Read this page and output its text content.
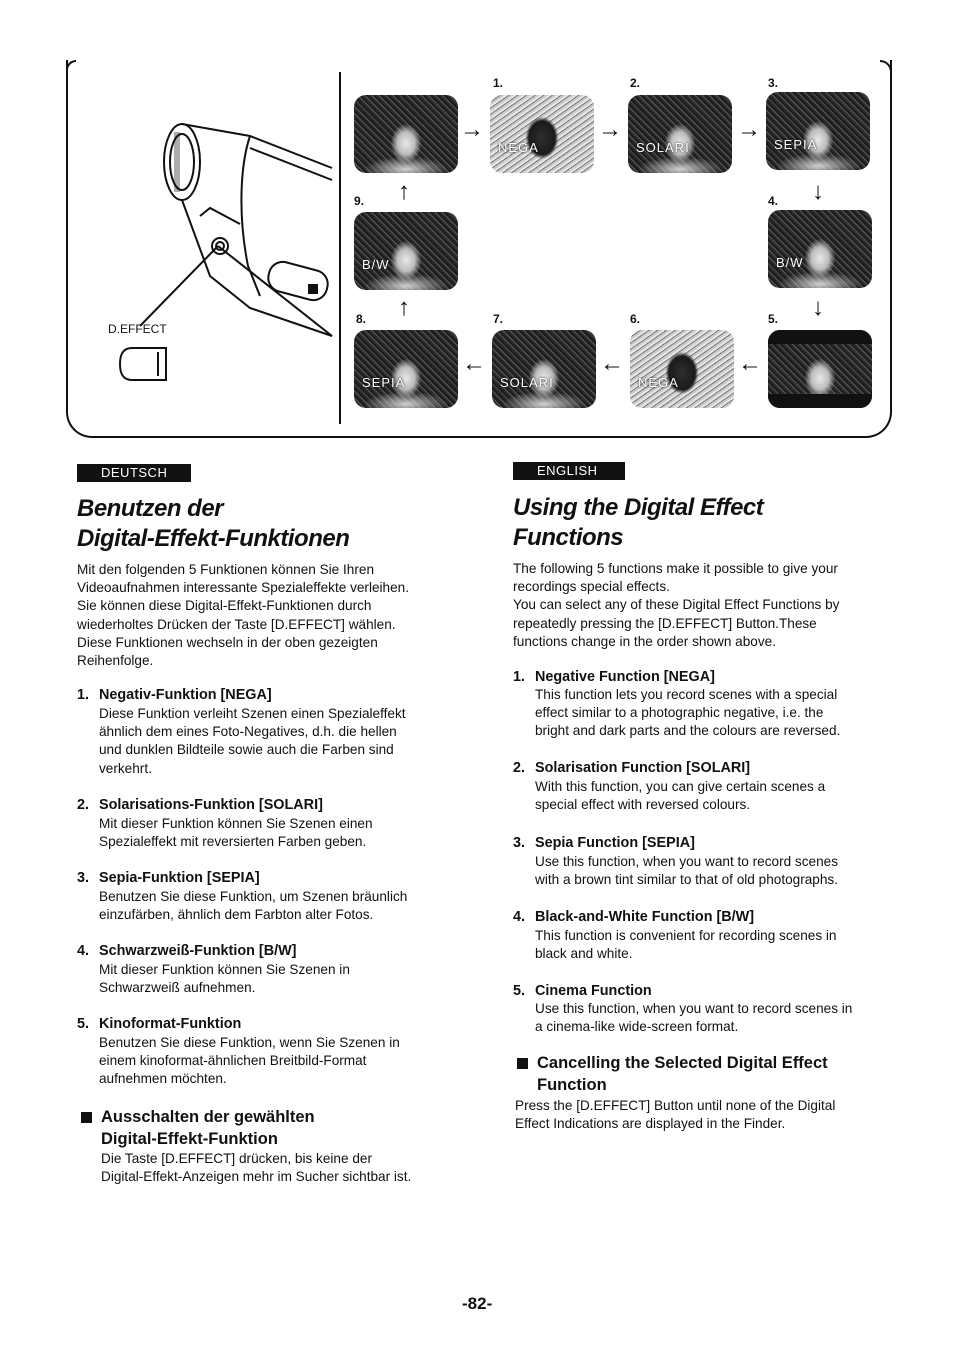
D.EFFECT
1.	2.	3.
→
NEGA
→
SOLARI
→
SEPIA
9. ↑	4. ↓
B/W	B/W
8. ↑	7.	6.	5. ↓
SEPIA
←
SOLARI
←
NEGA
←
DEUTSCH
Benutzen der
Digital-Effekt-Funktionen
Mit den folgenden 5 Funktionen können Sie Ihren
Videoaufnahmen interessante Spezialeffekte verleihen.
Sie können diese Digital-Effekt-Funktionen durch
wiederholtes Drücken der Taste [D.EFFECT] wählen.
Diese Funktionen wechseln in der oben gezeigten
Reihenfolge.
1. Negativ-Funktion [NEGA]
Diese Funktion verleiht Szenen einen Spezialeffekt
ähnlich dem eines Foto-Negatives, d.h. die hellen
und dunklen Bildteile sowie auch die Farben sind
verkehrt.
2. Solarisations-Funktion [SOLARI]
Mit dieser Funktion können Sie Szenen einen
Spezialeffekt mit reversierten Farben geben.
3. Sepia-Funktion [SEPIA]
Benutzen Sie diese Funktion, um Szenen bräunlich
einzufärben, ähnlich dem Farbton alter Fotos.
4. Schwarzweiß-Funktion [B/W]
Mit dieser Funktion können Sie Szenen in
Schwarzweiß aufnehmen.
5. Kinoformat-Funktion
Benutzen Sie diese Funktion, wenn Sie Szenen in
einem kinoformat-ähnlichen Breitbild-Format
aufnehmen möchten.
Ausschalten der gewählten
Digital-Effekt-Funktion
Die Taste [D.EFFECT] drücken, bis keine der
Digital-Effekt-Anzeigen mehr im Sucher sichtbar ist.
ENGLISH
Using the Digital Effect
Functions
The following 5 functions make it possible to give your
recordings special effects.
You can select any of these Digital Effect Functions by
repeatedly pressing the [D.EFFECT] Button.These
functions change in the order shown above.
1. Negative Function [NEGA]
This function lets you record scenes with a special
effect similar to a photographic negative, i.e. the
bright and dark parts and the colours are reversed.
2. Solarisation Function [SOLARI]
With this function, you can give certain scenes a
special effect with reversed colours.
3. Sepia Function [SEPIA]
Use this function, when you want to record scenes
with a brown tint similar to that of old photographs.
4. Black-and-White Function [B/W]
This function is convenient for recording scenes in
black and white.
5. Cinema Function
Use this function, when you want to record scenes in
a cinema-like wide-screen format.
Cancelling the Selected Digital Effect
Function
Press the [D.EFFECT] Button until none of the Digital
Effect Indications are displayed in the Finder.
-82-
